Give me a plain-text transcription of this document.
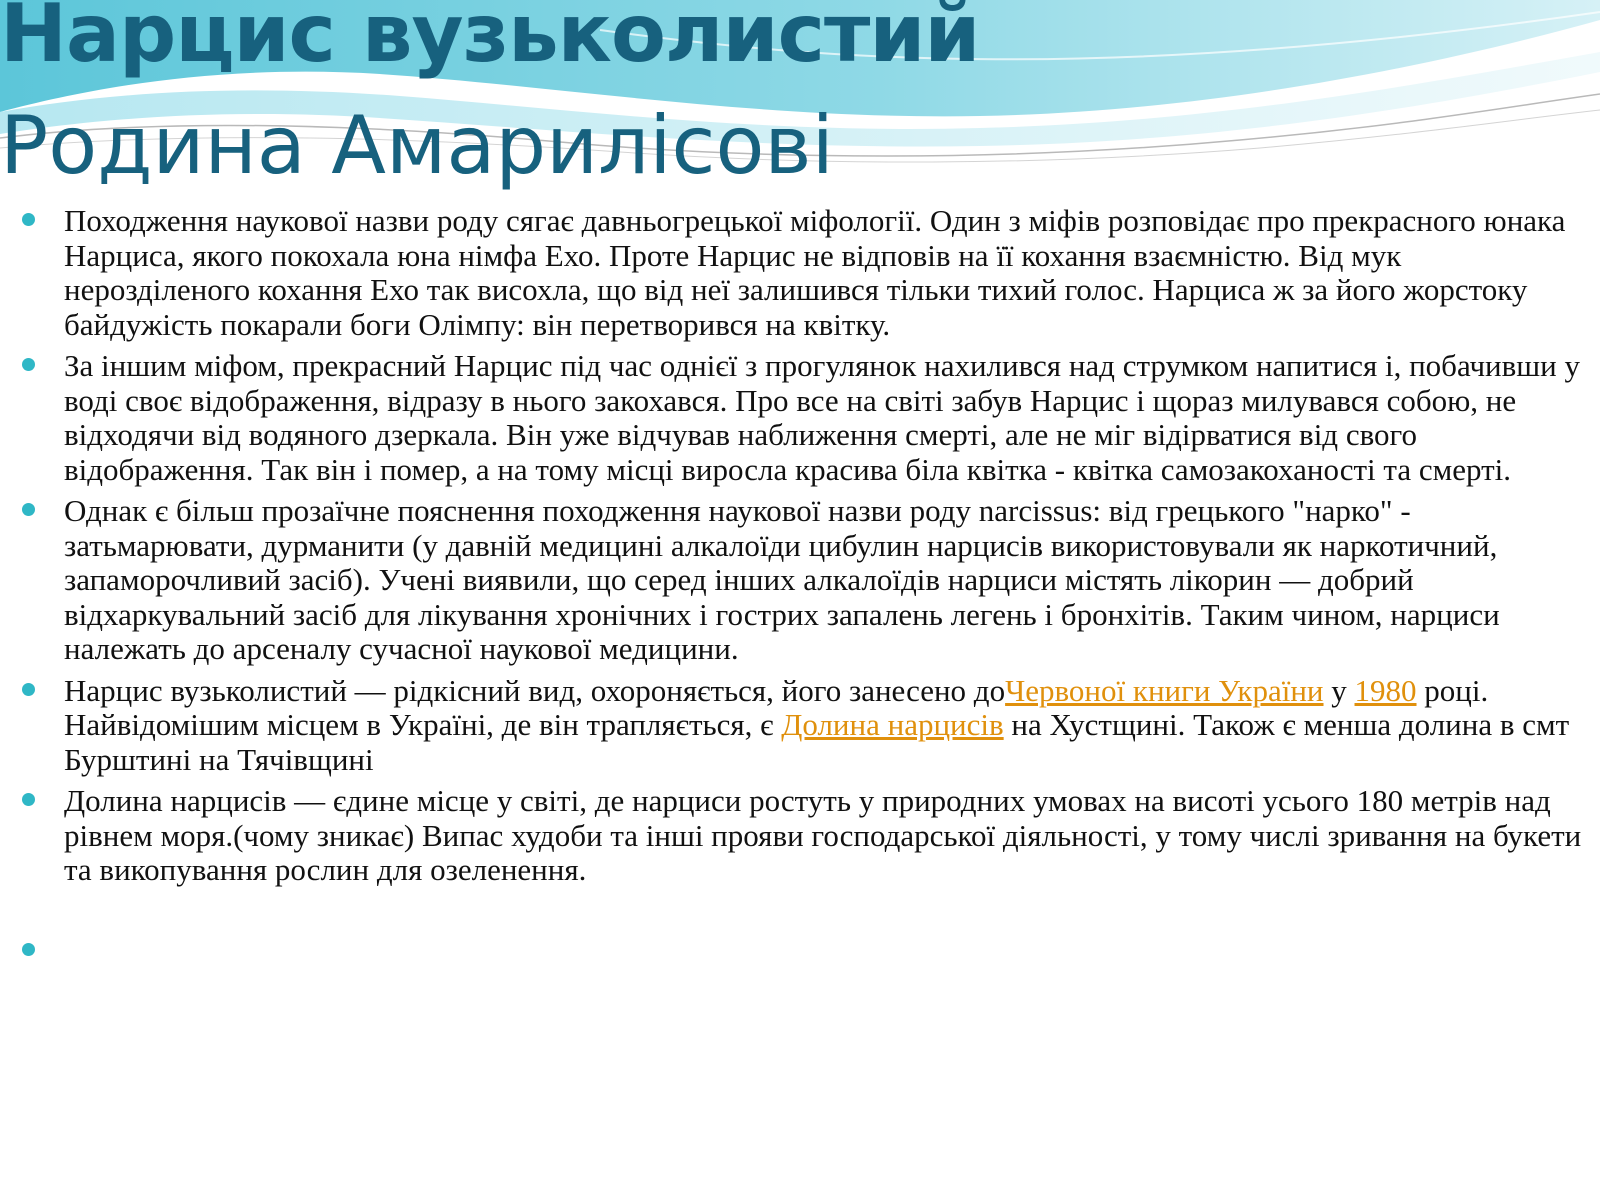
Нарцис вузьколистий
Родина Амарилісові
Походження наукової назви роду сягає давньогрецької міфології. Один з міфів розповідає про прекрасного юнака Нарциса, якого покохала юна німфа Ехо. Проте Нарцис не відповів на її кохання взаємністю. Від мук нерозділеного кохання Ехо так висохла, що від неї залишився тільки тихий голос. Нарциса ж за його жорстоку байдужість покарали боги Олімпу: він перетворився на квітку.
За іншим міфом, прекрасний Нарцис під час однієї з прогулянок нахилився над струмком напитися і, побачивши у воді своє відображення, відразу в нього закохався. Про все на світі забув Нарцис і щораз милувався собою, не відходячи від водяного дзеркала. Він уже відчував наближення смерті, але не міг відірватися від свого відображення. Так він і помер, а на тому місці виросла красива біла квітка - квітка самозакоханості та смерті.
Однак є більш прозаїчне пояснення походження наукової назви роду narcissus: від грецького "нарко" - затьмарювати, дурманити (у давній медицині алкалоїди цибулин нарцисів використовували як наркотичний, запаморочливий засіб). Учені виявили, що серед інших алкалоїдів нарциси містять лікорин — добрий відхаркувальний засіб для лікування хронічних і гострих запалень легень і бронхітів. Таким чином, нарциси належать до арсеналу сучасної наукової медицини.
Нарцис вузьколистий — рідкісний вид, охороняється, його занесено доЧервоної книги України у 1980 році. Найвідомішим місцем в Україні, де він трапляється, є Долина нарцисів на Хустщині. Також є менша долина в смт Бурштині на Тячівщині
Долина нарцисів — єдине місце у світі, де нарциси ростуть у природних умовах на висоті усього 180 метрів над рівнем моря.(чому зникає) Випас худоби та інші прояви господарської діяльності, у тому числі зривання на букети та викопування рослин для озеленення.
